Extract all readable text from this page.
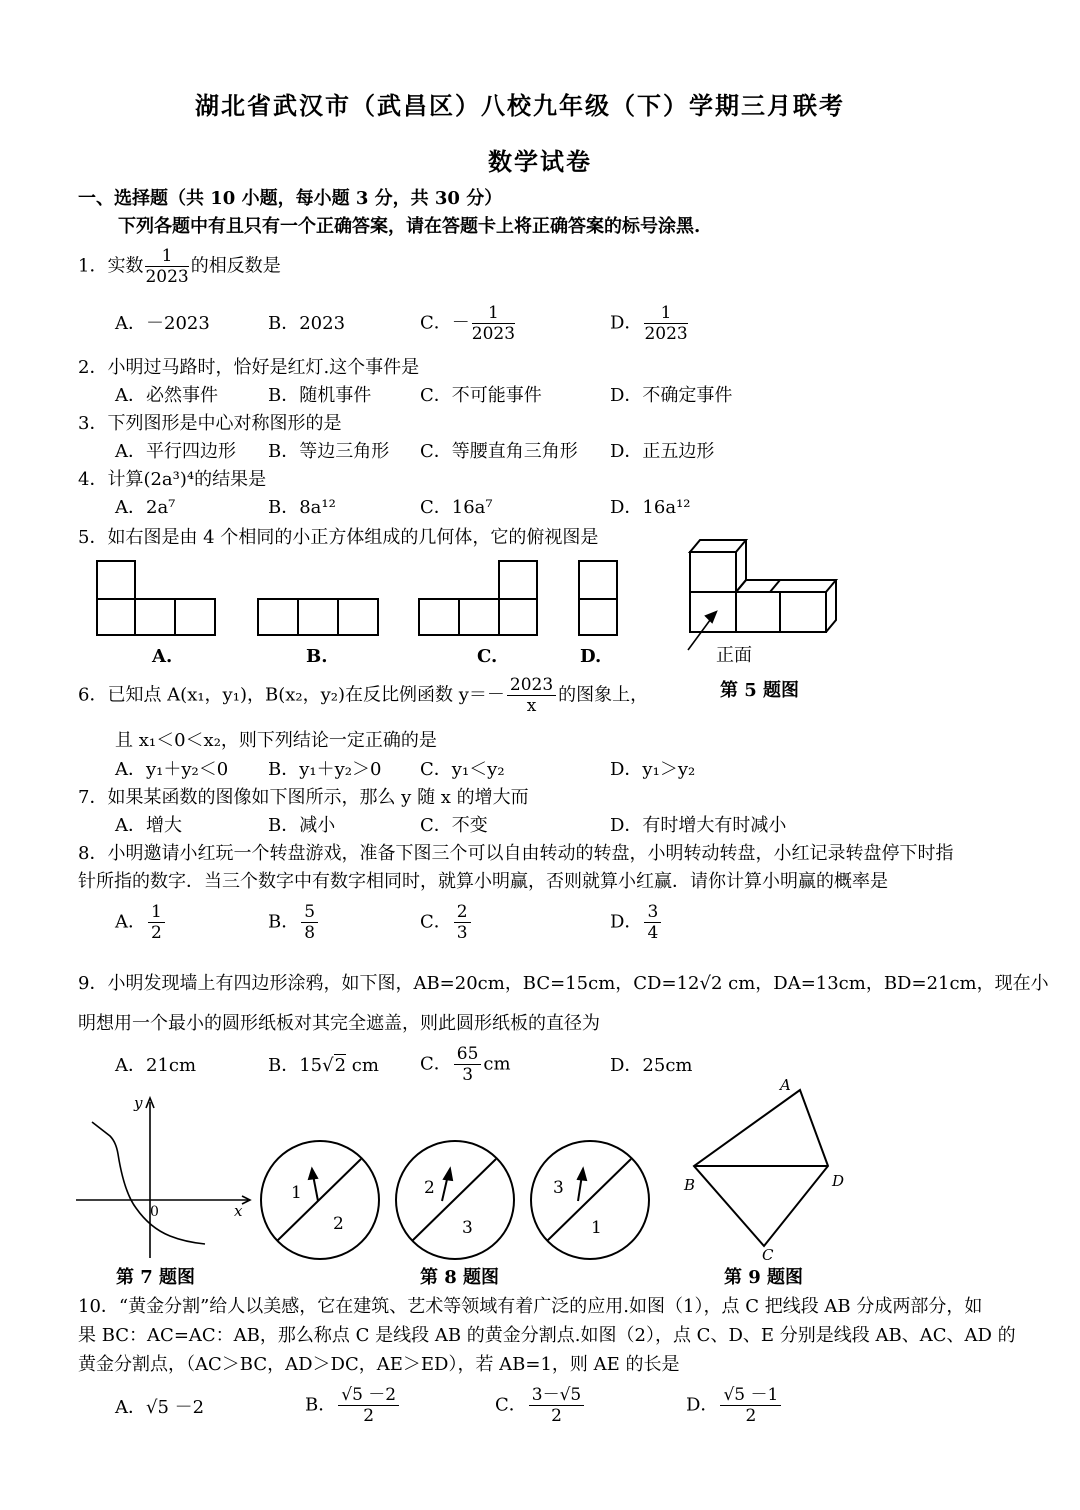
湖北省武汉市（武昌区）八校九年级（下）学期三月联考
数学试卷
一、选择题（共 10 小题，每小题 3 分，共 30 分）
下列各题中有且只有一个正确答案，请在答题卡上将正确答案的标号涂黑.
1．实数 $\frac{1}{2023}$ 的相反数是
A．－2023	B．2023	C．－ $\frac{1}{2023}$	D． $\frac{1}{2023}$
2．小明过马路时，恰好是红灯.这个事件是
A．必然事件	B．随机事件	C．不可能事件	D．不确定事件
3．下列图形是中心对称图形的是
A．平行四边形 B．等边三角形 C．等腰直角三角形 D．正五边形
4．计算(2a³)⁴的结果是
A．2a⁷	B．8a¹²	C．16a⁷	D．16a¹²
5．如右图是由 4 个相同的小正方体组成的几何体，它的俯视图是
A.	B.	C.	D.	正面
第 5 题图
6．已知点 A(x₁，y₁)，B(x₂，y₂)在反比例函数 $y=- \frac{2023}{x}$ 的图象上，
且 x₁＜0＜x₂，则下列结论一定正确的是
A．y₁＋y₂＜0 B．y₁＋y₂＞0 C．y₁＜y₂	D．y₁＞y₂
7．如果某函数的图像如下图所示，那么 y 随 x 的增大而
A．增大	B．减小	C．不变	D．有时增大有时减小
8．小明邀请小红玩一个转盘游戏，准备下图三个可以自由转动的转盘，小明转动转盘，小红记录转盘停下时指
针所指的数字．当三个数字中有数字相同时，就算小明赢，否则就算小红赢．请你计算小明赢的概率是
A． $\frac{1}{2}$	B． $\frac{5}{8}$	C． $\frac{2}{3}$	D． $\frac{3}{4}$
9．小明发现墙上有四边形涂鸦，如下图，AB=20cm，BC=15cm，CD=12√2 cm，DA=13cm，BD=21cm，现在小
明想用一个最小的圆形纸板对其完全遮盖，则此圆形纸板的直径为
A．21cm	B．15√2 cm C． $\frac{65}{3}$ cm	D．25cm
y
x
0
1
2
2
3
3
1
A
B
C
D
第 7 题图	第 8 题图	第 9 题图
10．“黄金分割”给人以美感，它在建筑、艺术等领域有着广泛的应用.如图（1），点 C 把线段 AB 分成两部分，如
果 BC：AC=AC：AB，那么称点 C 是线段 AB 的黄金分割点.如图（2），点 C、D、E 分别是线段 AB、AC、AD 的
黄金分割点，（AC＞BC，AD＞DC，AE＞ED），若 AB=1，则 AE 的长是
A．√5 －2	B． $\frac{√5 -2}{2}$	C． $\frac{3-√5}{2}$	D． $\frac{√5 -1}{2}$
